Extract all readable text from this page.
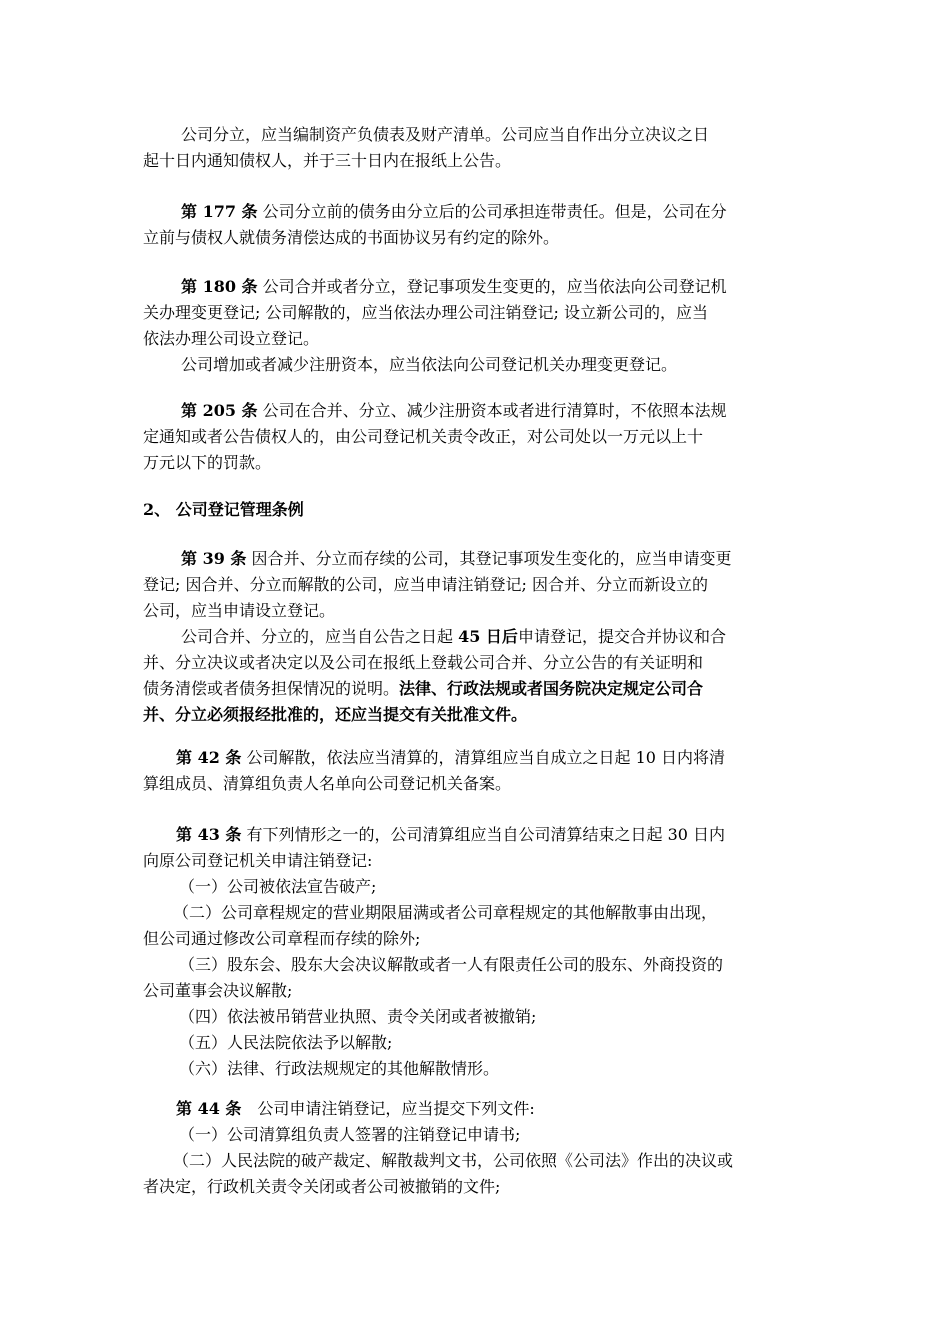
公司分立，应当编制资产负债表及财产清单。公司应当自作出分立决议之日
起十日内通知债权人，并于三十日内在报纸上公告。
第 177 条 公司分立前的债务由分立后的公司承担连带责任。但是，公司在分
立前与债权人就债务清偿达成的书面协议另有约定的除外。
第 180 条 公司合并或者分立，登记事项发生变更的，应当依法向公司登记机
关办理变更登记; 公司解散的，应当依法办理公司注销登记; 设立新公司的，应当
依法办理公司设立登记。
公司增加或者减少注册资本，应当依法向公司登记机关办理变更登记。
第 205 条 公司在合并、分立、减少注册资本或者进行清算时，不依照本法规
定通知或者公告债权人的，由公司登记机关责令改正，对公司处以一万元以上十
万元以下的罚款。
2、 公司登记管理条例
第 39 条 因合并、分立而存续的公司，其登记事项发生变化的，应当申请变更
登记; 因合并、分立而解散的公司，应当申请注销登记; 因合并、分立而新设立的
公司，应当申请设立登记。
公司合并、分立的，应当自公告之日起 45 日后申请登记，提交合并协议和合
并、分立决议或者决定以及公司在报纸上登载公司合并、分立公告的有关证明和
债务清偿或者债务担保情况的说明。法律、行政法规或者国务院决定规定公司合
并、分立必须报经批准的，还应当提交有关批准文件。
第 42 条 公司解散，依法应当清算的，清算组应当自成立之日起 10 日内将清
算组成员、清算组负责人名单向公司登记机关备案。
第 43 条 有下列情形之一的，公司清算组应当自公司清算结束之日起 30 日内
向原公司登记机关申请注销登记:
（一）公司被依法宣告破产;
（二）公司章程规定的营业期限届满或者公司章程规定的其他解散事由出现，
但公司通过修改公司章程而存续的除外;
（三）股东会、股东大会决议解散或者一人有限责任公司的股东、外商投资的
公司董事会决议解散;
（四）依法被吊销营业执照、责令关闭或者被撤销;
（五）人民法院依法予以解散;
（六）法律、行政法规规定的其他解散情形。
第 44 条　公司申请注销登记，应当提交下列文件:
（一）公司清算组负责人签署的注销登记申请书;
（二）人民法院的破产裁定、解散裁判文书，公司依照《公司法》作出的决议或
者决定，行政机关责令关闭或者公司被撤销的文件;
